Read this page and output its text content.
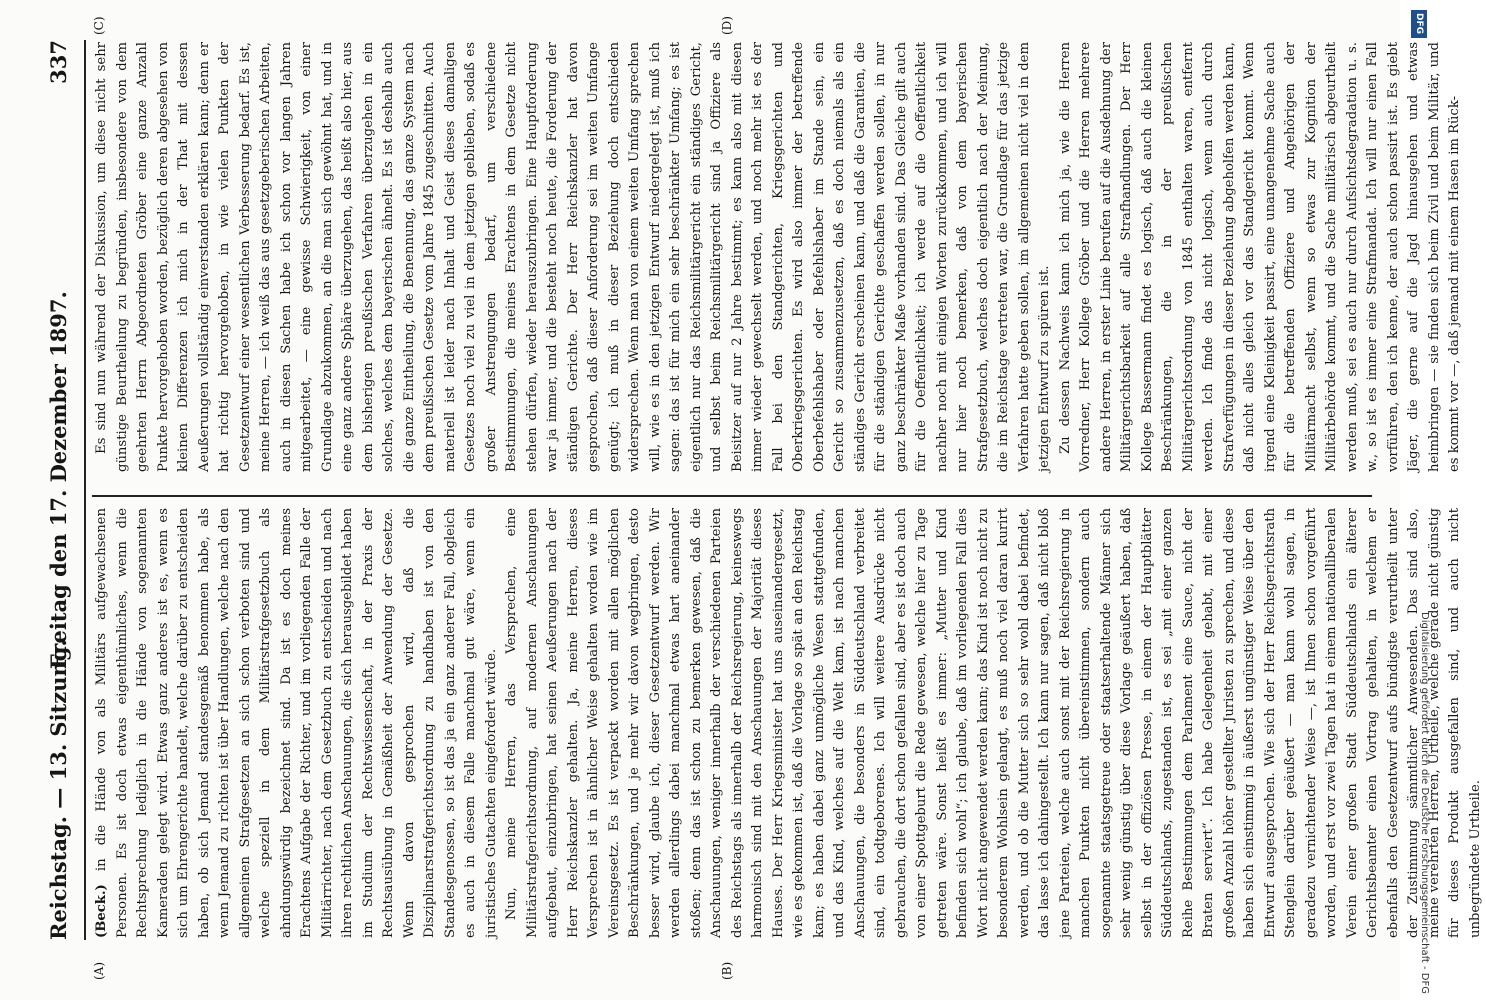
Reichstag. — 13. Sitzung.
Freitag den 17. Dezember 1897. 337
(A)	(B)
(C)	(D)

(Beck.) in die Hände von als Militärs aufgewachsenen Personen. Es ist doch etwas eigenthümliches, wenn die Rechtsprechung lediglich in die Hände von sogenannten Kameraden gelegt wird. Etwas ganz anderes ist es, wenn es sich um Ehrengerichte handelt, welche darüber zu entscheiden haben, ob sich Jemand standesgemäß benommen habe, als wenn Jemand zu richten ist über Handlungen, welche nach den allgemeinen Strafgesetzen an sich schon verboten sind und welche speziell in dem Militärstrafgesetzbuch als ahndungswürdig bezeichnet sind. Da ist es doch meines Erachtens Aufgabe der Richter, und im vorliegenden Falle der Militärrichter, nach dem Gesetzbuch zu entscheiden und nach ihren rechtlichen Anschauungen, die sich herausgebildet haben im Studium der Rechtswissenschaft, in der Praxis der Rechtsausübung in Gemäßheit der Anwendung der Gesetze. Wenn davon gesprochen wird, daß die Disziplinarstrafgerichtsordnung zu handhaben ist von den Standesgenossen, so ist das ja ein ganz anderer Fall, obgleich es auch in diesem Falle manchmal gut wäre, wenn ein juristisches Gutachten eingefordert würde. Nun, meine Herren, das Versprechen, eine Militärstrafgerichtsordnung, auf modernen Anschauungen aufgebaut, einzubringen, hat seinen Aeußerungen nach der Herr Reichskanzler gehalten. Ja, meine Herren, dieses Versprechen ist in ähnlicher Weise gehalten worden wie im Vereinsgesetz. Es ist verpackt worden mit allen möglichen Beschränkungen, und je mehr wir davon wegbringen, desto besser wird, glaube ich, dieser Gesetzentwurf werden. Wir werden allerdings dabei manchmal etwas hart aneinander stoßen; denn das ist schon zu bemerken gewesen, daß die Anschauungen, weniger innerhalb der verschiedenen Parteien des Reichstags als innerhalb der Reichsregierung, keineswegs harmonisch sind mit den Anschauungen der Majorität dieses Hauses. Der Herr Kriegsminister hat uns auseinandergesetzt, wie es gekommen ist, daß die Vorlage so spät an den Reichstag kam; es haben dabei ganz unmögliche Wesen stattgefunden, und das Kind, welches auf die Welt kam, ist nach manchen Anschauungen, die besonders in Süddeutschland verbreitet sind, ein todtgeborenes. Ich will weitere Ausdrücke nicht gebrauchen, die dort schon gefallen sind, aber es ist doch auch von einer Spottgeburt die Rede gewesen, welche hier zu Tage getreten wäre. Sonst heißt es immer: „Mutter und Kind befinden sich wohl“; ich glaube, daß im vorliegenden Fall dies Wort nicht angewendet werden kann; das Kind ist noch nicht zu besonderem Wohlsein gelangt, es muß noch viel daran kurirt werden, und ob die Mutter sich so sehr wohl dabei befindet, das lasse ich dahingestellt. Ich kann nur sagen, daß nicht bloß jene Parteien, welche auch sonst mit der Reichsregierung in manchen Punkten nicht übereinstimmen, sondern auch sogenannte staatsgetreue oder staatserhaltende Männer sich sehr wenig günstig über diese Vorlage geäußert haben, daß selbst in der offiziösen Presse, in einem der Hauptblätter Süddeutschlands, zugestanden ist, es sei „mit einer ganzen Reihe Bestimmungen dem Parlament eine Sauce, nicht der Braten serviert“. Ich habe Gelegenheit gehabt, mit einer großen Anzahl höher gestellter Juristen zu sprechen, und diese haben sich einstimmig in äußerst ungünstiger Weise über den Entwurf ausgesprochen. Wie sich der Herr Reichsgerichtsrath Stenglein darüber geäußert — man kann wohl sagen, in geradezu vernichtender Weise —, ist Ihnen schon vorgeführt worden, und erst vor zwei Tagen hat in einem nationalliberalen Verein einer großen Stadt Süddeutschlands ein älterer Gerichtsbeamter einen Vortrag gehalten, in welchem er ebenfalls den Gesetzentwurf aufs bündigste verurtheilt unter der Zustimmung sämmtlicher Anwesenden. Das sind also, meine verehrten Herren, Urtheile, welche gerade nicht günstig für dieses Produkt ausgefallen sind, und auch nicht unbegründete Urtheile.

Es sind nun während der Diskussion, um diese nicht sehr günstige Beurtheilung zu begründen, insbesondere von dem geehrten Herrn Abgeordneten Gröber eine ganze Anzahl Punkte hervorgehoben worden, bezüglich deren abgesehen von kleinen Differenzen ich mich in der That mit dessen Aeußerungen vollständig einverstanden erklären kann; denn er hat richtig hervorgehoben, in wie vielen Punkten der Gesetzentwurf einer wesentlichen Verbesserung bedarf. Es ist, meine Herren, — ich weiß das aus gesetzgeberischen Arbeiten, auch in diesen Sachen habe ich schon vor langen Jahren mitgearbeitet, — eine gewisse Schwierigkeit, von einer Grundlage abzukommen, an die man sich gewöhnt hat, und in eine ganz andere Sphäre überzugehen, das heißt also hier, aus dem bisherigen preußischen Verfahren überzugehen in ein solches, welches dem bayerischen ähnelt. Es ist deshalb auch die ganze Eintheilung, die Benennung, das ganze System nach dem preußischen Gesetze vom Jahre 1845 zugeschnitten. Auch materiell ist leider nach Inhalt und Geist dieses damaligen Gesetzes noch viel zu viel in dem jetzigen geblieben, sodaß es großer Anstrengungen bedarf, um verschiedene Bestimmungen, die meines Erachtens in dem Gesetze nicht stehen dürfen, wieder herauszubringen. Eine Hauptforderung war ja immer, und die besteht noch heute, die Forderung der ständigen Gerichte. Der Herr Reichskanzler hat davon gesprochen, daß dieser Anforderung sei im weiten Umfange genügt; ich muß in dieser Beziehung doch entschieden widersprechen. Wenn man von einem weiten Umfang sprechen will, wie es in den jetzigen Entwurf niedergelegt ist, muß ich sagen: das ist für mich ein sehr beschränkter Umfang; es ist eigentlich nur das Reichsmilitärgericht ein ständiges Gericht, und selbst beim Reichsmilitärgericht sind ja Offiziere als Beisitzer auf nur 2 Jahre bestimmt; es kann also mit diesen immer wieder gewechselt werden, und noch mehr ist es der Fall bei den Standgerichten, Kriegsgerichten und Oberkriegsgerichten. Es wird also immer der betreffende Oberbefehlshaber oder Befehlshaber im Stande sein, ein Gericht so zusammenzusetzen, daß es doch niemals als ein ständiges Gericht erscheinen kann, und daß die Garantien, die für die ständigen Gerichte geschaffen werden sollen, in nur ganz beschränkter Maße vorhanden sind. Das Gleiche gilt auch für die Oeffentlichkeit; ich werde auf die Oeffentlichkeit nachher noch mit einigen Worten zurückkommen, und ich will nur hier noch bemerken, daß von dem bayerischen Strafgesetzbuch, welches doch eigentlich nach der Meinung, die im Reichstage vertreten war, die Grundlage für das jetzige Verfahren hatte geben sollen, im allgemeinen nicht viel in dem jetzigen Entwurf zu spüren ist. Zu dessen Nachweis kann ich mich ja, wie die Herren Vorredner, Herr Kollege Gröber und die Herren mehrere andere Herren, in erster Linie berufen auf die Ausdehnung der Militärgerichtsbarkeit auf alle Strafhandlungen. Der Herr Kollege Bassermann findet es logisch, daß auch die kleinen Beschränkungen, die in der preußischen Militärgerichtsordnung von 1845 enthalten waren, entfernt werden. Ich finde das nicht logisch, wenn auch durch Strafverfügungen in dieser Beziehung abgeholfen werden kann, daß nicht alles gleich vor das Standgericht kommt. Wenn irgend eine Kleinigkeit passirt, eine unangenehme Sache auch für die betreffenden Offiziere und Angehörigen der Militärmacht selbst, wenn so etwas zur Kognition der Militärbehörde kommt, und die Sache militärisch abgeurtheilt werden muß, sei es auch nur durch Aufsichtsdegradation u. s. w., so ist es immer eine Strafmandat. Ich will nur einen Fall vorführen, den ich kenne, der auch schon passirt ist. Es giebt Jäger, die gerne auf die Jagd hinausgehen und etwas heimbringen — sie finden sich beim Zivil und beim Militär, und es kommt vor —, daß jemand mit einem Hasen im Rück-

DFG
Digitalisierung gefördert durch die Deutsche Forschungsgemeinschaft - DFG
